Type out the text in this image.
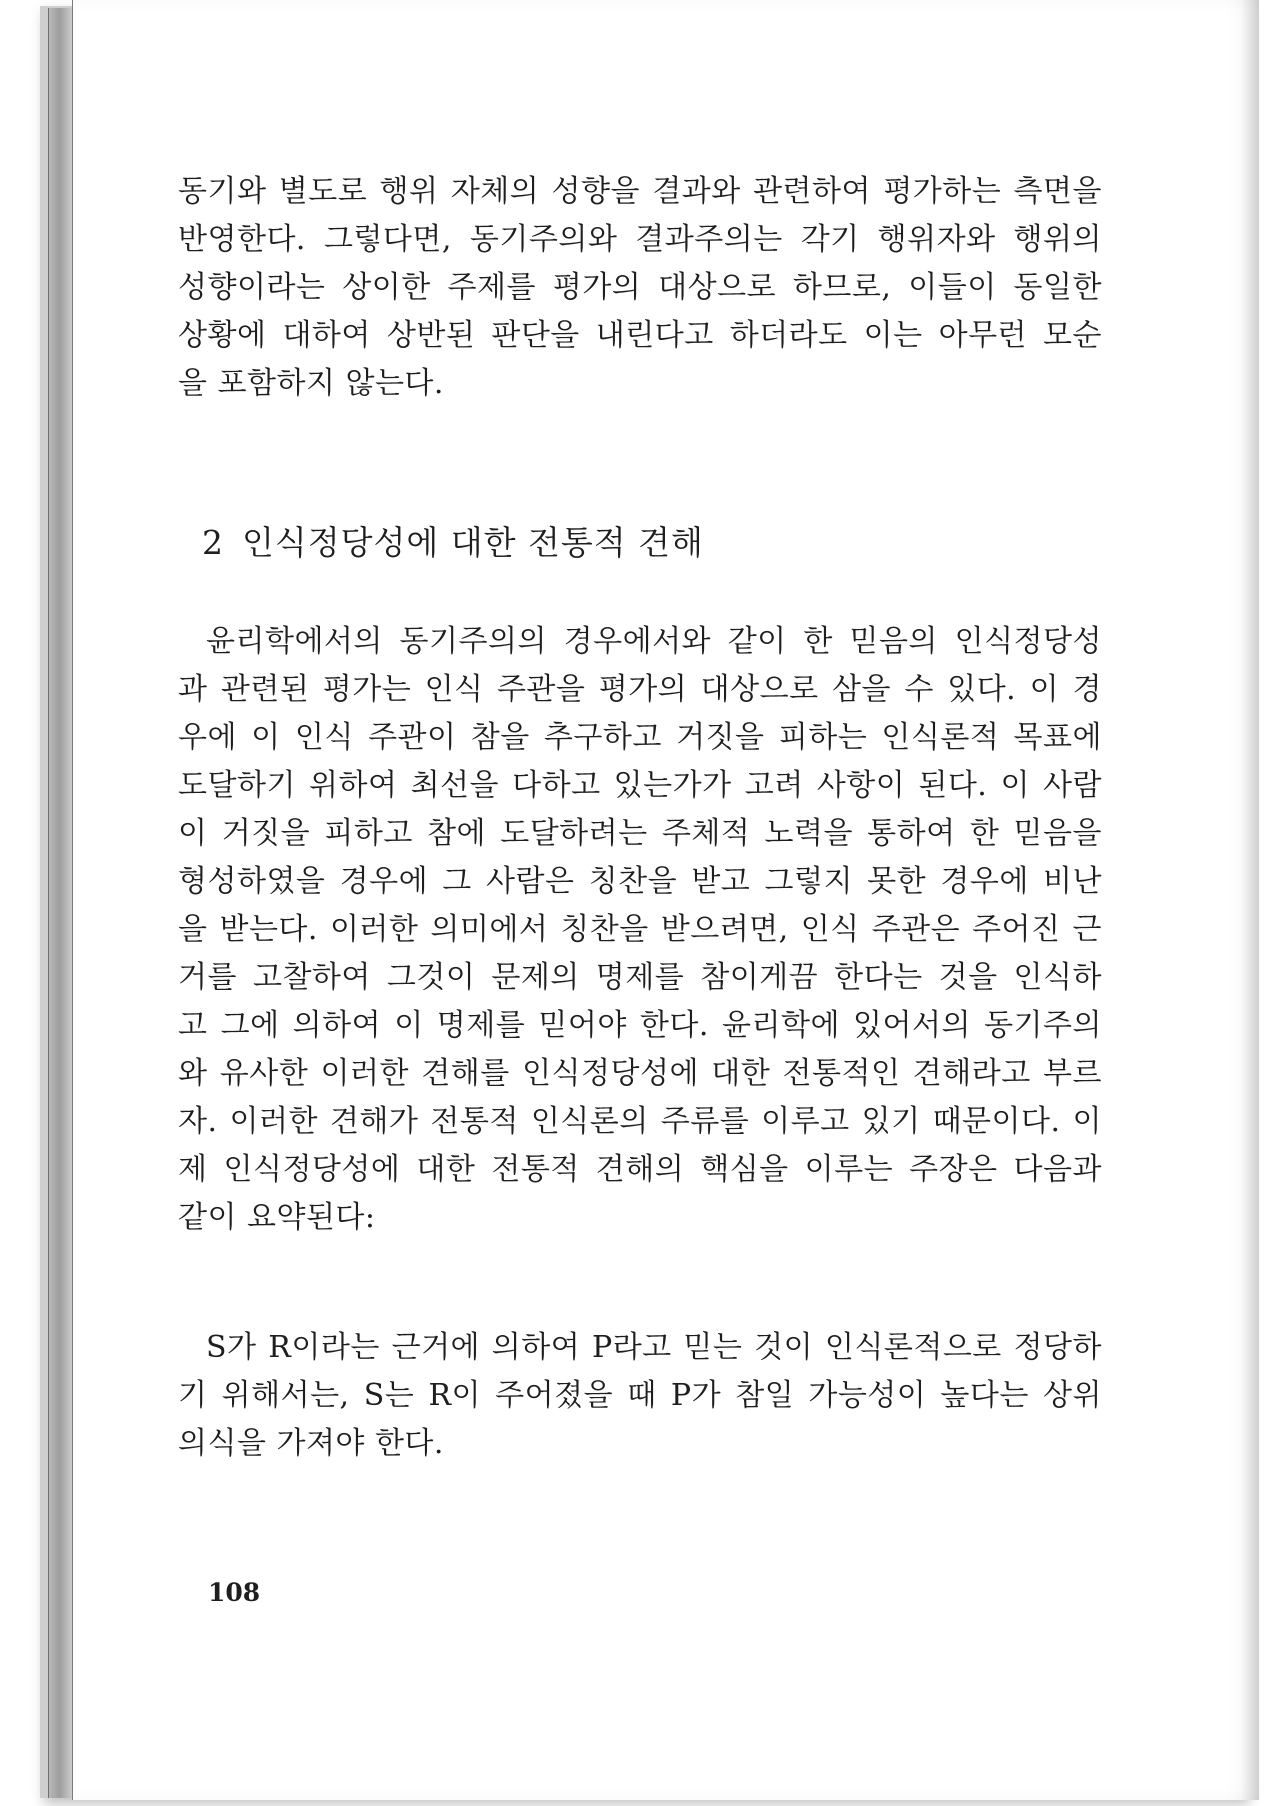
동기와 별도로 행위 자체의 성향을 결과와 관련하여 평가하는 측면을
반영한다. 그렇다면, 동기주의와 결과주의는 각기 행위자와 행위의
성향이라는 상이한 주제를 평가의 대상으로 하므로, 이들이 동일한
상황에 대하여 상반된 판단을 내린다고 하더라도 이는 아무런 모순
을 포함하지 않는다.
2 인식정당성에 대한 전통적 견해
윤리학에서의 동기주의의 경우에서와 같이 한 믿음의 인식정당성
과 관련된 평가는 인식 주관을 평가의 대상으로 삼을 수 있다. 이 경
우에 이 인식 주관이 참을 추구하고 거짓을 피하는 인식론적 목표에
도달하기 위하여 최선을 다하고 있는가가 고려 사항이 된다. 이 사람
이 거짓을 피하고 참에 도달하려는 주체적 노력을 통하여 한 믿음을
형성하였을 경우에 그 사람은 칭찬을 받고 그렇지 못한 경우에 비난
을 받는다. 이러한 의미에서 칭찬을 받으려면, 인식 주관은 주어진 근
거를 고찰하여 그것이 문제의 명제를 참이게끔 한다는 것을 인식하
고 그에 의하여 이 명제를 믿어야 한다. 윤리학에 있어서의 동기주의
와 유사한 이러한 견해를 인식정당성에 대한 전통적인 견해라고 부르
자. 이러한 견해가 전통적 인식론의 주류를 이루고 있기 때문이다. 이
제 인식정당성에 대한 전통적 견해의 핵심을 이루는 주장은 다음과
같이 요약된다:
S가 R이라는 근거에 의하여 P라고 믿는 것이 인식론적으로 정당하
기 위해서는, S는 R이 주어졌을 때 P가 참일 가능성이 높다는 상위
의식을 가져야 한다.
108
